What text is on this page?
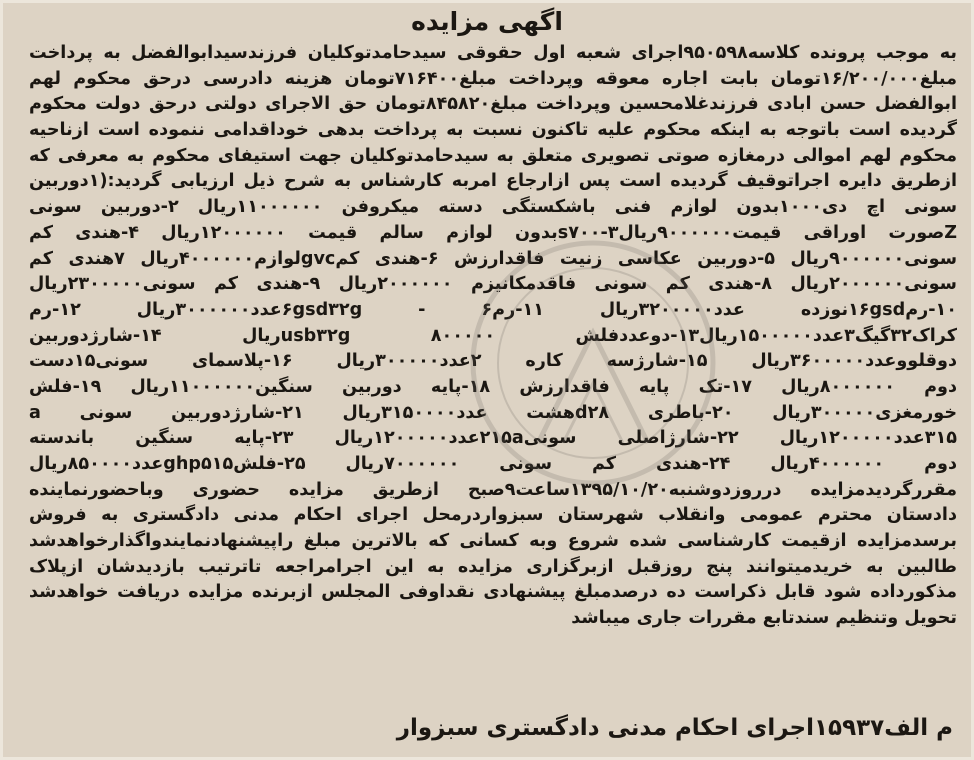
اگهی مزایده
به موجب پرونده کلاسه۹۵۰۵۹۸اجرای شعبه اول حقوقی سیدحامدتوکلیان فرزندسیدابوالفضل به پرداخت
مبلغ۱۶/۲۰۰/۰۰۰تومان بابت اجاره معوقه وپرداخت مبلغ۷۱۶۴۰۰تومان هزینه دادرسی درحق محکوم لهم
ابوالفضل حسن ابادی فرزندغلامحسین وپرداخت مبلغ۸۴۵۸۲۰تومان حق الاجرای دولتی درحق دولت محکوم
گردیده است باتوجه به اینکه محکوم علیه تاکنون نسبت به پرداخت بدهی خوداقدامی ننموده است ازناحیه
محکوم لهم اموالی درمغازه صوتی تصویری متعلق به سیدحامدتوکلیان جهت استیفای محکوم به معرفی که
ازطریق دایره اجراتوقیف گردیده است پس ازارجاع امربه کارشناس به شرح ذیل ارزیابی گردید:(۱دوربین
سونی اچ دی۱۰۰۰بدون لوازم فنی باشکستگی دسته میکروفن ۱۱۰۰۰۰۰۰ریال ۲-دوربین سونی
Zصورت اوراقی قیمت۹۰۰۰۰۰۰ریال۳-s۷۰۰بدون لوازم سالم قیمت ۱۲۰۰۰۰۰۰ریال ۴-هندی کم
سونی۹۰۰۰۰۰۰ریال ۵-دوربین عکاسی زنیت فاقدارزش ۶-هندی کمgvcلوازم۴۰۰۰۰۰۰ریال ۷هندی کم
سونی۲۰۰۰۰۰۰ریال ۸-هندی کم سونی فاقدمکانیزم ۲۰۰۰۰۰۰ریال ۹-هندی کم سونی۲۳۰۰۰۰۰ریال
۱۰-رم۱۶gsdنوزده عدد۳۲۰۰۰۰۰ریال ۱۱-رم۶gsd۳۲g - ۶عدد۳۰۰۰۰۰۰ریال ۱۲-رم
کراک۳۲گیگ۳عدد۱۵۰۰۰۰۰ریال۱۳-دوعددفلش usb۳۲g ۸۰۰۰۰۰ریال ۱۴-شارژدوربین
دوقلووعدد۳۶۰۰۰۰۰ریال ۱۵-شارژسه کاره ۲عدد۳۰۰۰۰۰ریال ۱۶-پلاسمای سونی۱۵دست
دوم ۸۰۰۰۰۰۰ریال ۱۷-تک پایه فاقدارزش ۱۸-پایه دوربین سنگین۱۱۰۰۰۰۰۰ریال ۱۹-فلش
خورمغزی۳۰۰۰۰۰ریال ۲۰-باطری d۲۸هشت عدد۳۱۵۰۰۰۰ریال ۲۱-شارژدوربین سونی a
۳۱۵عدد۱۲۰۰۰۰۰ریال ۲۲-شارژاصلی سونی۲۱۵aعدد۱۲۰۰۰۰۰ریال ۲۳-پایه سنگین باندسته
دوم ۴۰۰۰۰۰۰ریال ۲۴-هندی کم سونی ۷۰۰۰۰۰۰ریال ۲۵-فلشghp۵۱۵عدد۸۵۰۰۰۰ریال
مقررگردیدمزایده درروزدوشنبه۱۳۹۵/۱۰/۲۰ساعت۹صبح ازطریق مزایده حضوری وباحضورنماینده
دادستان محترم عمومی وانقلاب شهرستان سبزواردرمحل اجرای احکام مدنی دادگستری به فروش
برسدمزایده ازقیمت کارشناسی شده شروع وبه کسانی که بالاترین مبلغ راپیشنهادنمایندواگذارخواهدشد
طالبین به خریدمیتوانند پنج روزقبل ازبرگزاری مزایده به این اجرامراجعه تاترتیب بازدیدشان ازپلاک
مذکورداده شود قابل ذکراست ده درصدمبلغ پیشنهادی نقداوفی المجلس ازبرنده مزایده دریافت خواهدشد
تحویل وتنظیم سندتابع مقررات جاری میباشد
م الف۱۵۹۳۷اجرای احکام مدنی دادگستری سبزوار
